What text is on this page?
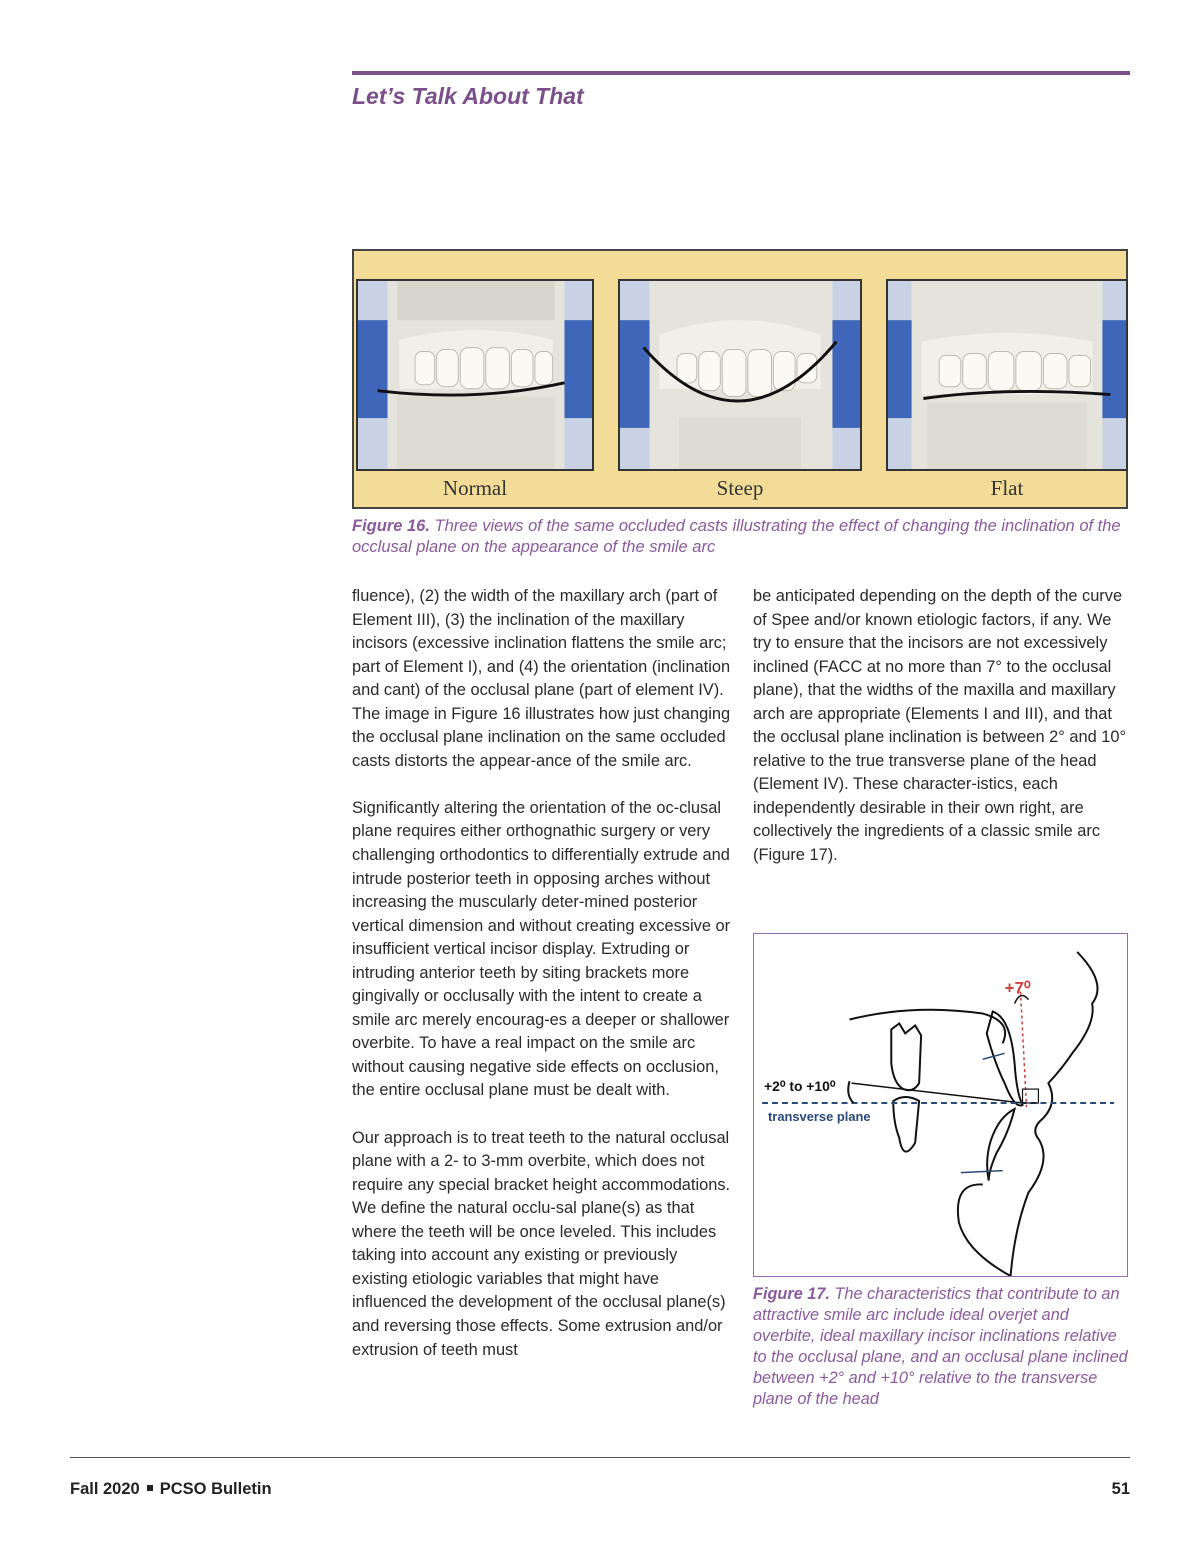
Let’s Talk About That
Normal	Steep	Flat
Figure 16. Three views of the same occluded casts illustrating the effect of changing the inclination of the occlusal plane on the appearance of the smile arc

fluence), (2) the width of the maxillary arch (part of Element III), (3) the inclination of the maxillary incisors (excessive inclination flattens the smile arc; part of Element I), and (4) the orientation (inclination and cant) of the occlusal plane (part of element IV). The image in Figure 16 illustrates how just changing the occlusal plane inclination on the same occluded casts distorts the appear-ance of the smile arc.

Significantly altering the orientation of the oc-clusal plane requires either orthognathic surgery or very challenging orthodontics to differentially extrude and intrude posterior teeth in opposing arches without increasing the muscularly deter-mined posterior vertical dimension and without creating excessive or insufficient vertical incisor display. Extruding or intruding anterior teeth by siting brackets more gingivally or occlusally with the intent to create a smile arc merely encourag-es a deeper or shallower overbite. To have a real impact on the smile arc without causing negative side effects on occlusion, the entire occlusal plane must be dealt with.

Our approach is to treat teeth to the natural occlusal plane with a 2- to 3-mm overbite, which does not require any special bracket height accommodations. We define the natural occlu-sal plane(s) as that where the teeth will be once leveled. This includes taking into account any existing or previously existing etiologic variables that might have influenced the development of the occlusal plane(s) and reversing those effects. Some extrusion and/or extrusion of teeth must

be anticipated depending on the depth of the curve of Spee and/or known etiologic factors, if any. We try to ensure that the incisors are not excessively inclined (FACC at no more than 7° to the occlusal plane), that the widths of the maxilla and maxillary arch are appropriate (Elements I and III), and that the occlusal plane inclination is between 2° and 10° relative to the true transverse plane of the head (Element IV). These character-istics, each independently desirable in their own right, are collectively the ingredients of a classic smile arc (Figure 17).

+7⁰
+2⁰ to +10⁰
transverse plane
Figure 17. The characteristics that contribute to an attractive smile arc include ideal overjet and overbite, ideal maxillary incisor inclinations relative to the occlusal plane, and an occlusal plane inclined between +2° and +10° relative to the transverse plane of the head
Fall 2020 PCSO Bulletin	51
